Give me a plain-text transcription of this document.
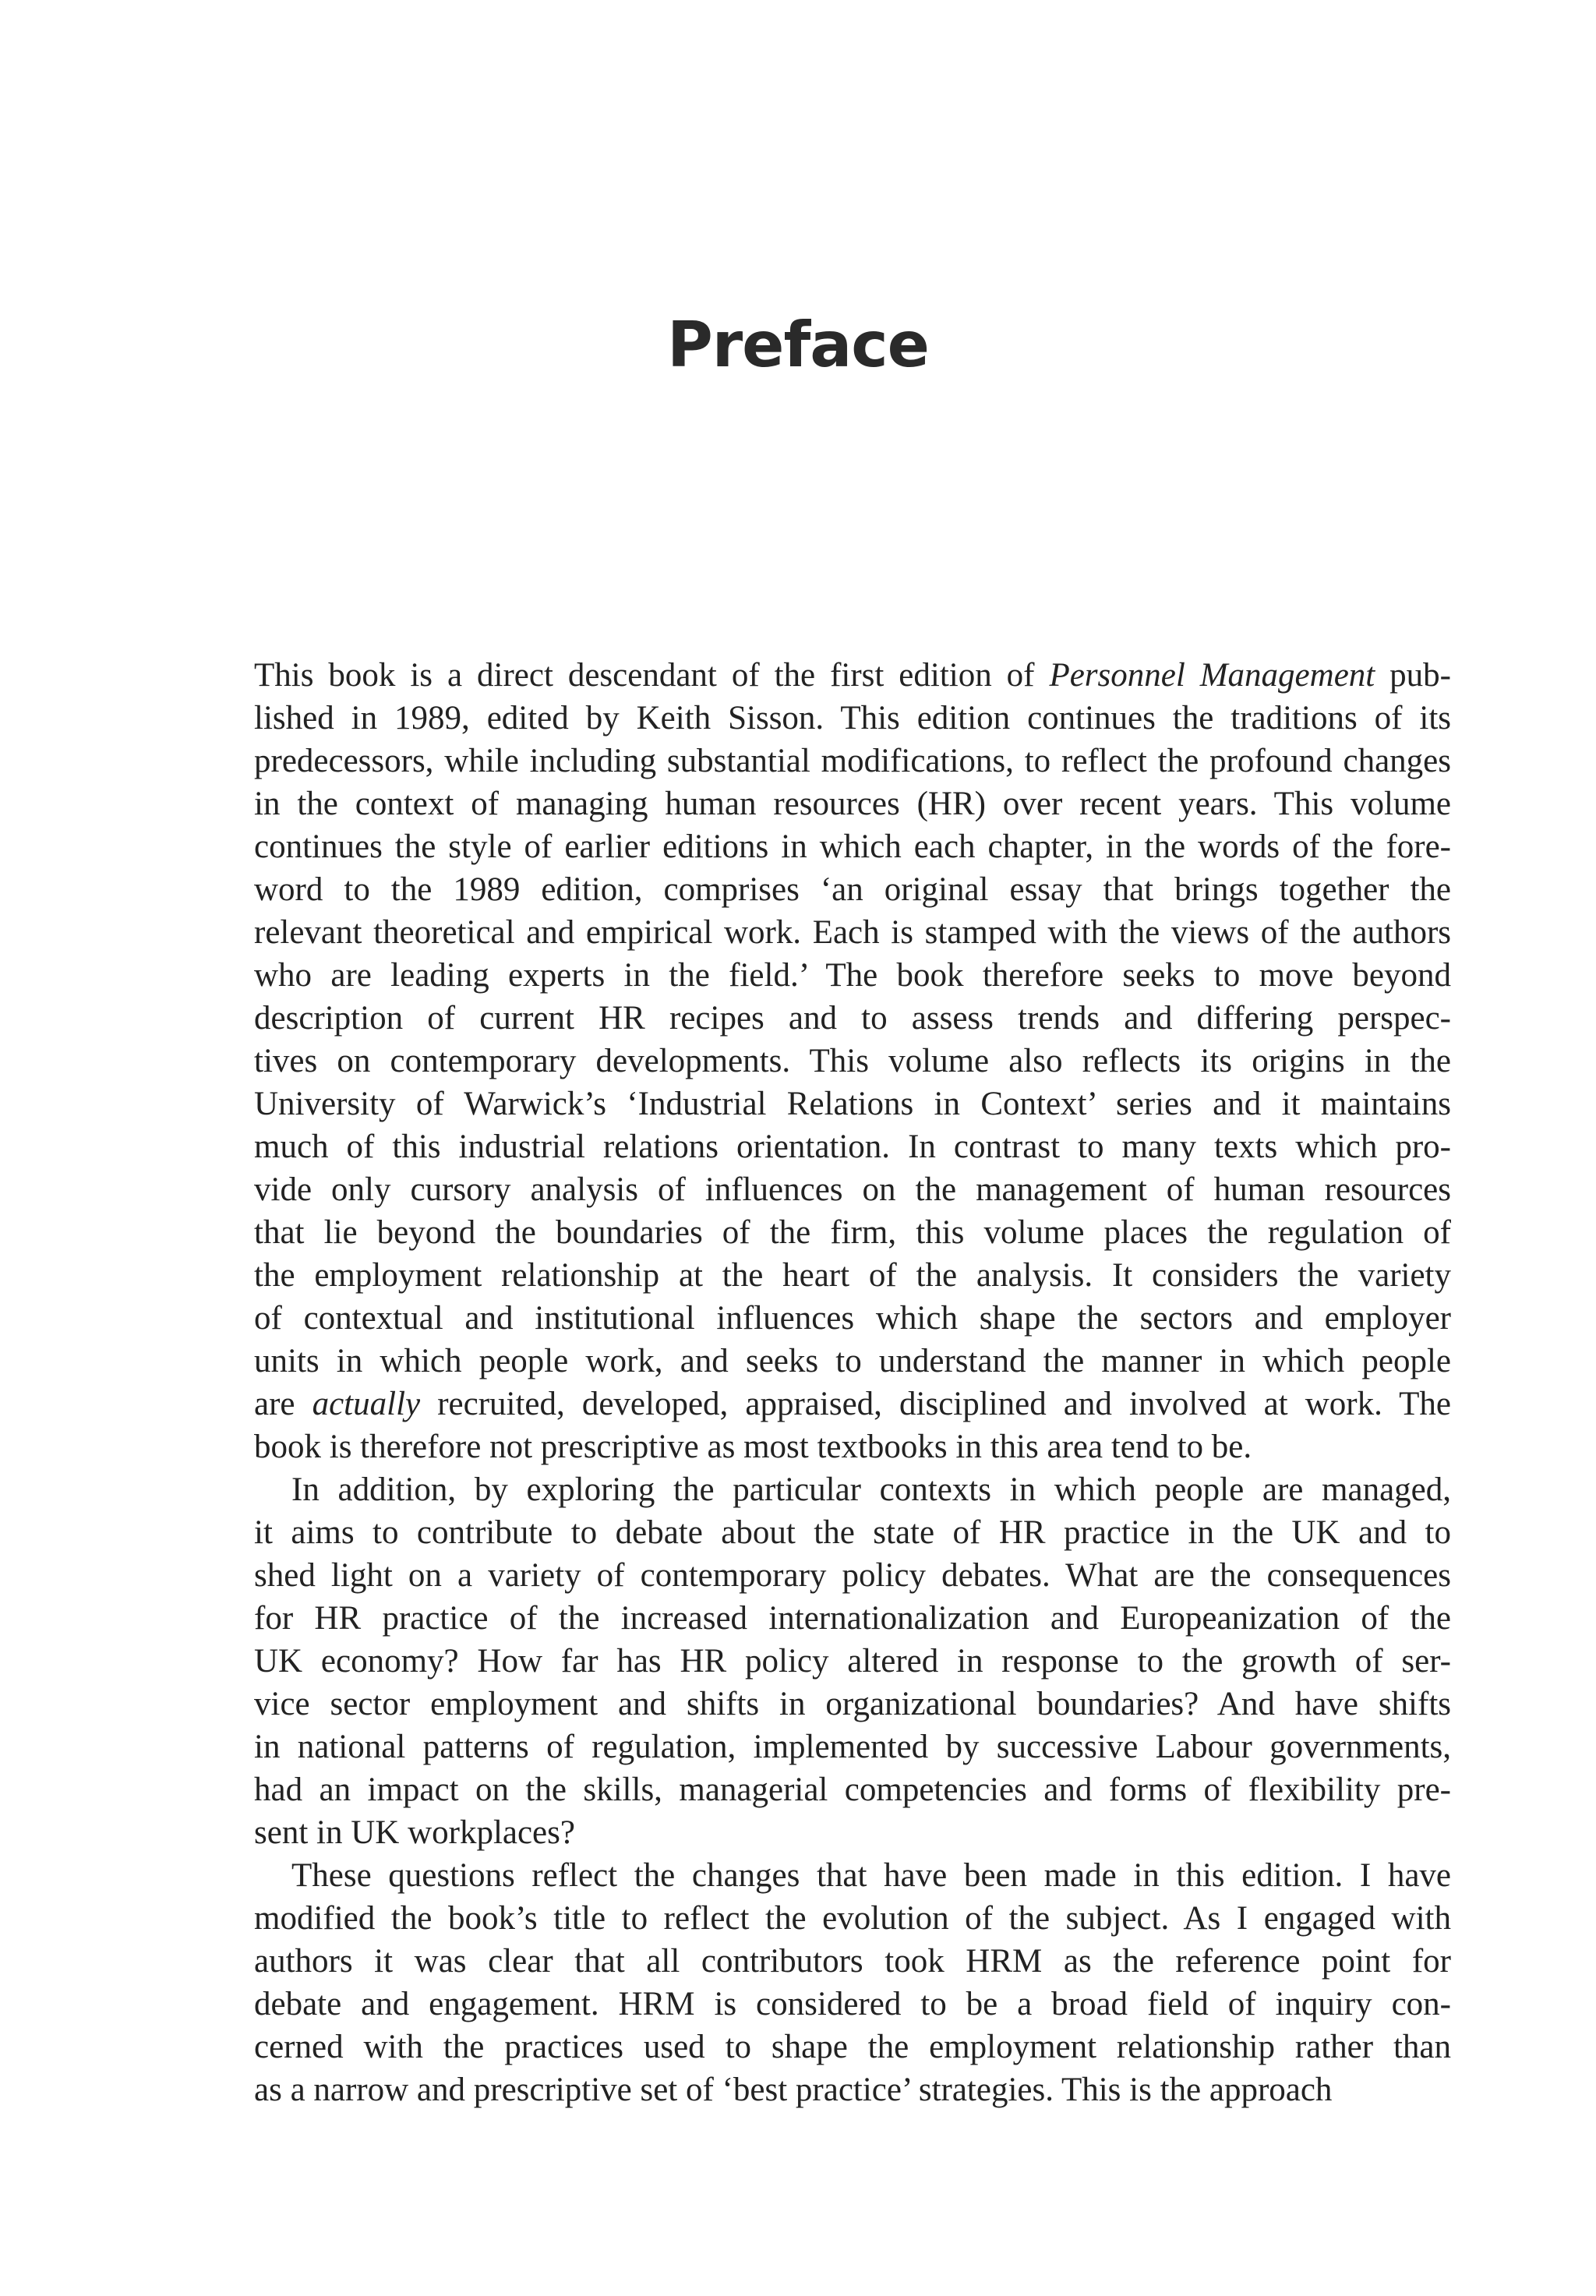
Preface
This book is a direct descendant of the first edition of Personnel Management pub-
lished in 1989, edited by Keith Sisson. This edition continues the traditions of its
predecessors, while including substantial modifications, to reflect the profound changes
in the context of managing human resources (HR) over recent years. This volume
continues the style of earlier editions in which each chapter, in the words of the fore-
word to the 1989 edition, comprises ‘an original essay that brings together the
relevant theoretical and empirical work. Each is stamped with the views of the authors
who are leading experts in the field.’ The book therefore seeks to move beyond
description of current HR recipes and to assess trends and differing perspec-
tives on contemporary developments. This volume also reflects its origins in the
University of Warwick’s ‘Industrial Relations in Context’ series and it maintains
much of this industrial relations orientation. In contrast to many texts which pro-
vide only cursory analysis of influences on the management of human resources
that lie beyond the boundaries of the firm, this volume places the regulation of
the employment relationship at the heart of the analysis. It considers the variety
of contextual and institutional influences which shape the sectors and employer
units in which people work, and seeks to understand the manner in which people
are actually recruited, developed, appraised, disciplined and involved at work. The
book is therefore not prescriptive as most textbooks in this area tend to be.
In addition, by exploring the particular contexts in which people are managed,
it aims to contribute to debate about the state of HR practice in the UK and to
shed light on a variety of contemporary policy debates. What are the consequences
for HR practice of the increased internationalization and Europeanization of the
UK economy? How far has HR policy altered in response to the growth of ser-
vice sector employment and shifts in organizational boundaries? And have shifts
in national patterns of regulation, implemented by successive Labour governments,
had an impact on the skills, managerial competencies and forms of flexibility pre-
sent in UK workplaces?
These questions reflect the changes that have been made in this edition. I have
modified the book’s title to reflect the evolution of the subject. As I engaged with
authors it was clear that all contributors took HRM as the reference point for
debate and engagement. HRM is considered to be a broad field of inquiry con-
cerned with the practices used to shape the employment relationship rather than
as a narrow and prescriptive set of ‘best practice’ strategies. This is the approach
